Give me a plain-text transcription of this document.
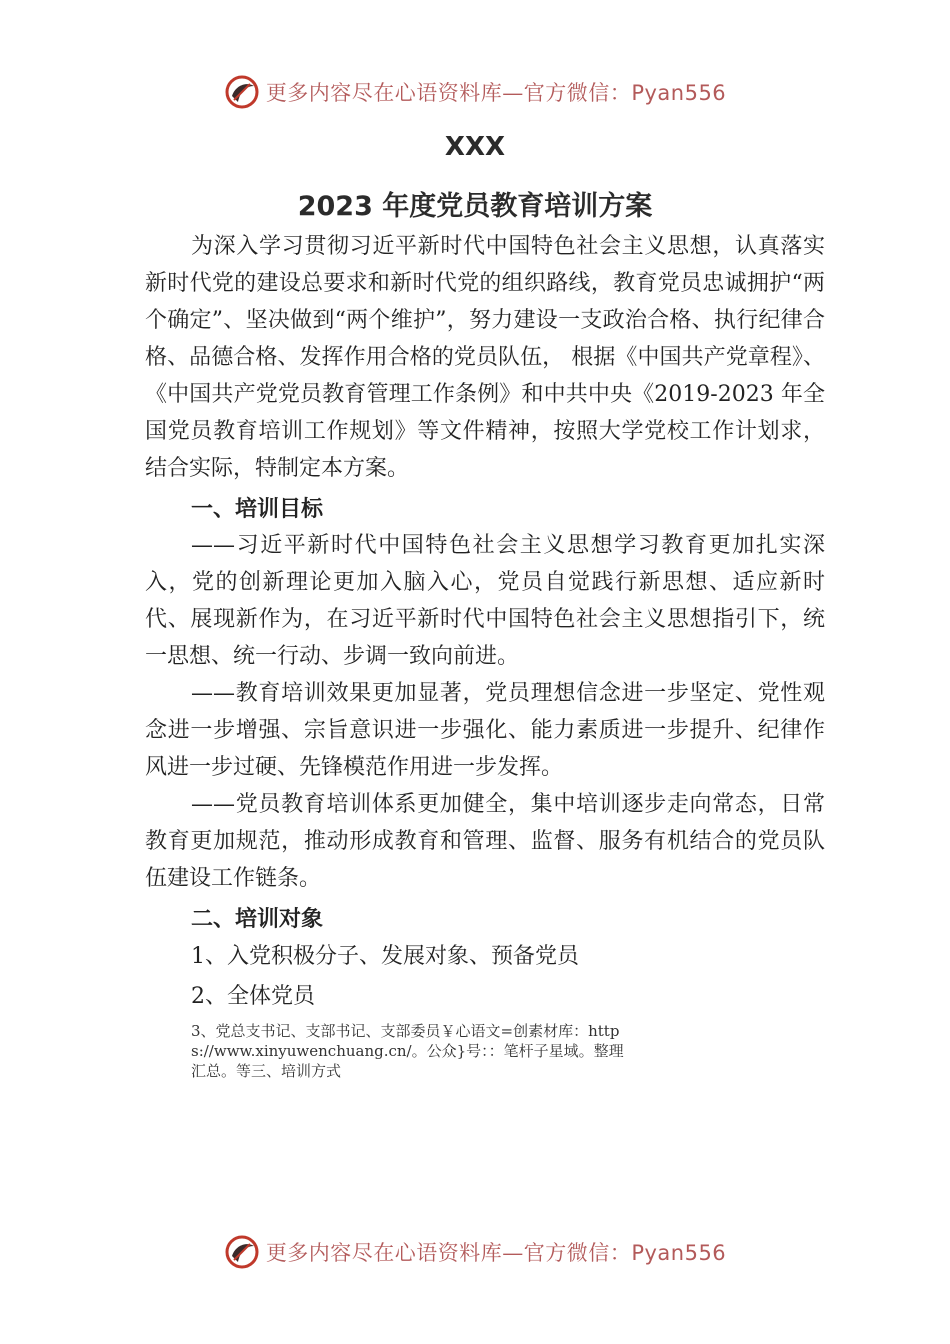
更多内容尽在心语资料库—官方微信：Pyan556
XXX
2023 年度党员教育培训方案

为深入学习贯彻习近平新时代中国特色社会主义思想，认真落实新时代党的建设总要求和新时代党的组织路线，教育党员忠诚拥护“两个确定”、坚决做到“两个维护”，努力建设一支政治合格、执行纪律合格、品德合格、发挥作用合格的党员队伍， 根据《中国共产党章程》、《中国共产党党员教育管理工作条例》和中共中央《2019-2023 年全国党员教育培训工作规划》等文件精神，按照大学党校工作计划求，结合实际，特制定本方案。

一、培训目标

——习近平新时代中国特色社会主义思想学习教育更加扎实深入，党的创新理论更加入脑入心，党员自觉践行新思想、适应新时代、展现新作为，在习近平新时代中国特色社会主义思想指引下，统一思想、统一行动、步调一致向前进。

——教育培训效果更加显著，党员理想信念进一步坚定、党性观念进一步增强、宗旨意识进一步强化、能力素质进一步提升、纪律作风进一步过硬、先锋模范作用进一步发挥。

——党员教育培训体系更加健全，集中培训逐步走向常态，日常教育更加规范，推动形成教育和管理、监督、服务有机结合的党员队伍建设工作链条。

二、培训对象

1、入党积极分子、发展对象、预备党员

2、全体党员

3、党总支书记、支部书记、支部委员￥心语文=创素材库：https://www.xinyuwenchuang.cn/。公众}号：：笔杆子星域。整理汇总。等三、培训方式

更多内容尽在心语资料库—官方微信：Pyan556
